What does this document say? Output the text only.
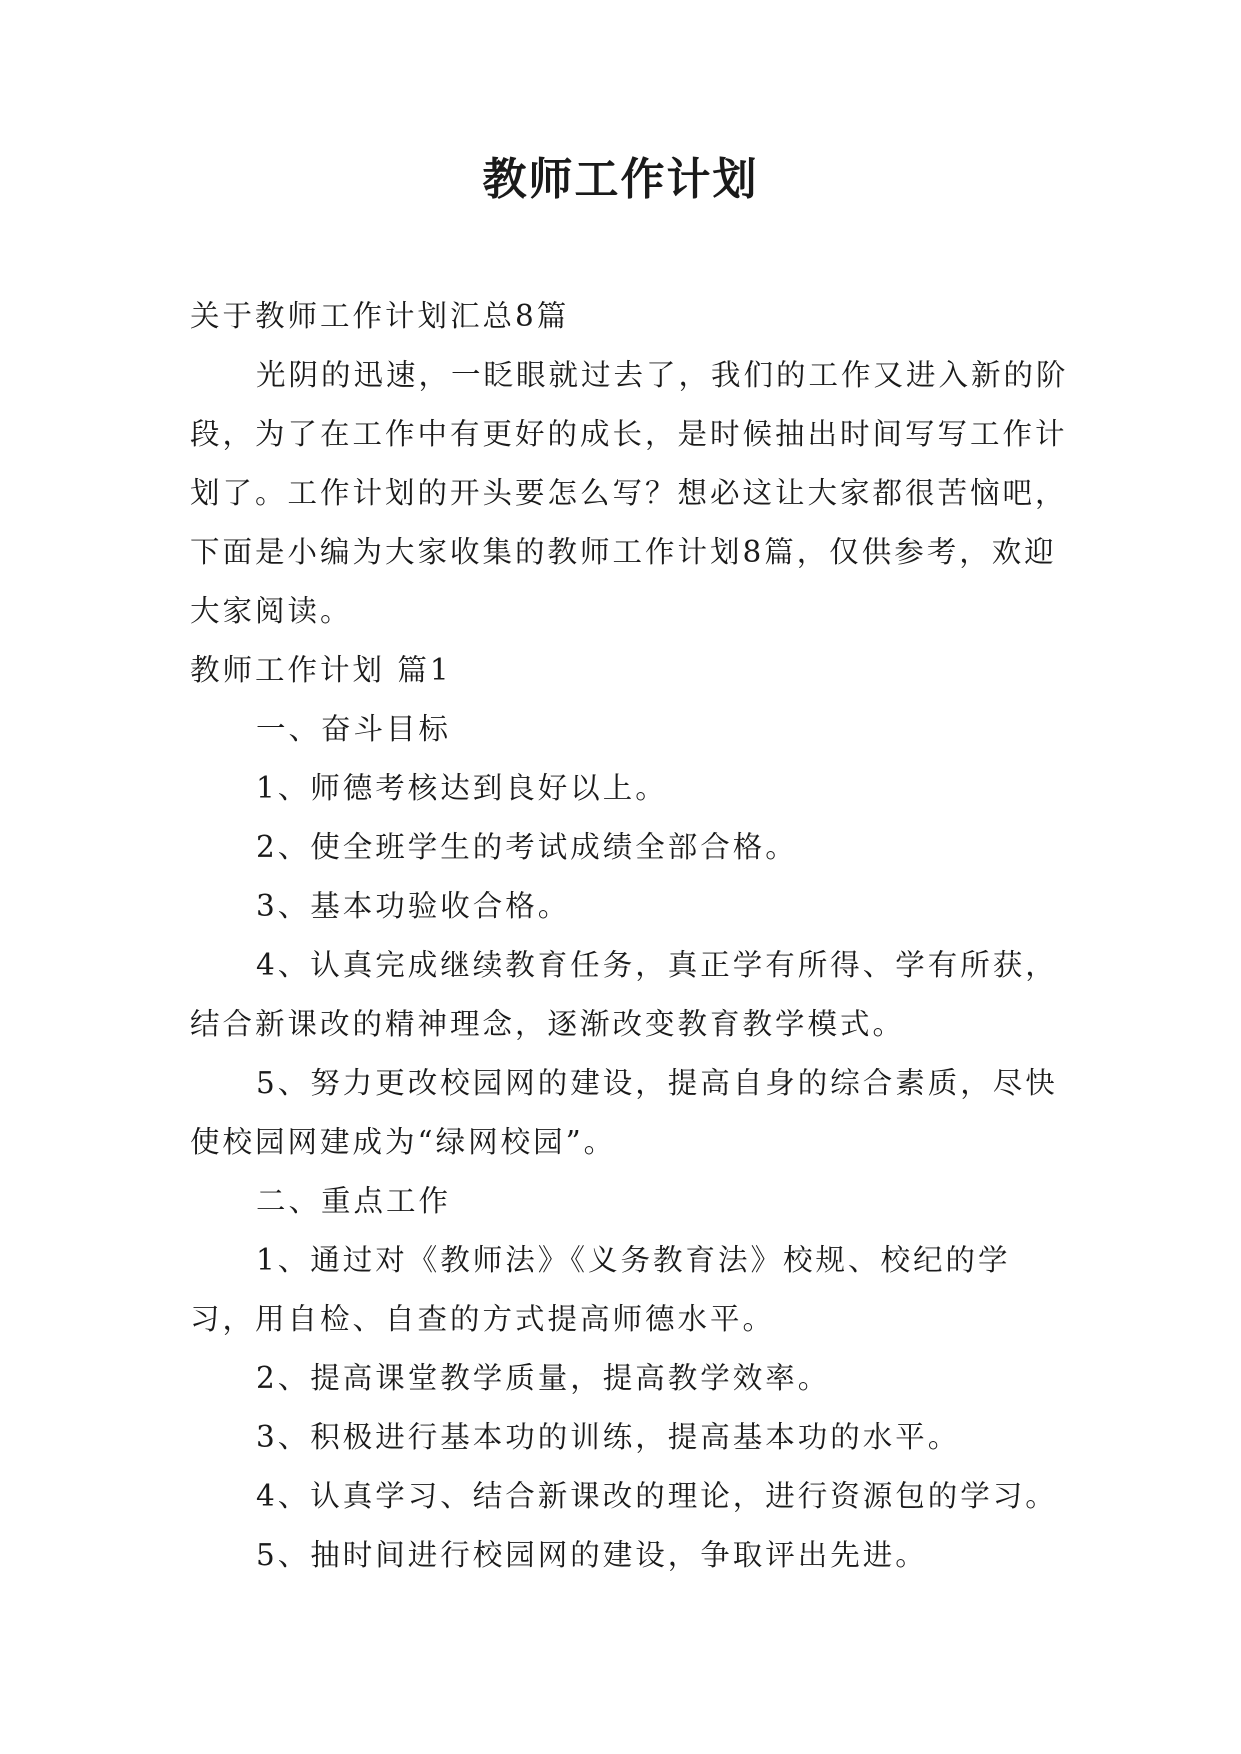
教师工作计划

关于教师工作计划汇总8篇

光阴的迅速，一眨眼就过去了，我们的工作又进入新的阶段，为了在工作中有更好的成长，是时候抽出时间写写工作计划了。工作计划的开头要怎么写？想必这让大家都很苦恼吧，下面是小编为大家收集的教师工作计划8篇，仅供参考，欢迎大家阅读。

教师工作计划 篇1

一、奋斗目标

1、师德考核达到良好以上。

2、使全班学生的考试成绩全部合格。

3、基本功验收合格。

4、认真完成继续教育任务，真正学有所得、学有所获，结合新课改的精神理念，逐渐改变教育教学模式。

5、努力更改校园网的建设，提高自身的综合素质，尽快使校园网建成为“绿网校园”。

二、重点工作

1、通过对《教师法》《义务教育法》校规、校纪的学习，用自检、自查的方式提高师德水平。

2、提高课堂教学质量，提高教学效率。

3、积极进行基本功的训练，提高基本功的水平。

4、认真学习、结合新课改的理论，进行资源包的学习。

5、抽时间进行校园网的建设，争取评出先进。
